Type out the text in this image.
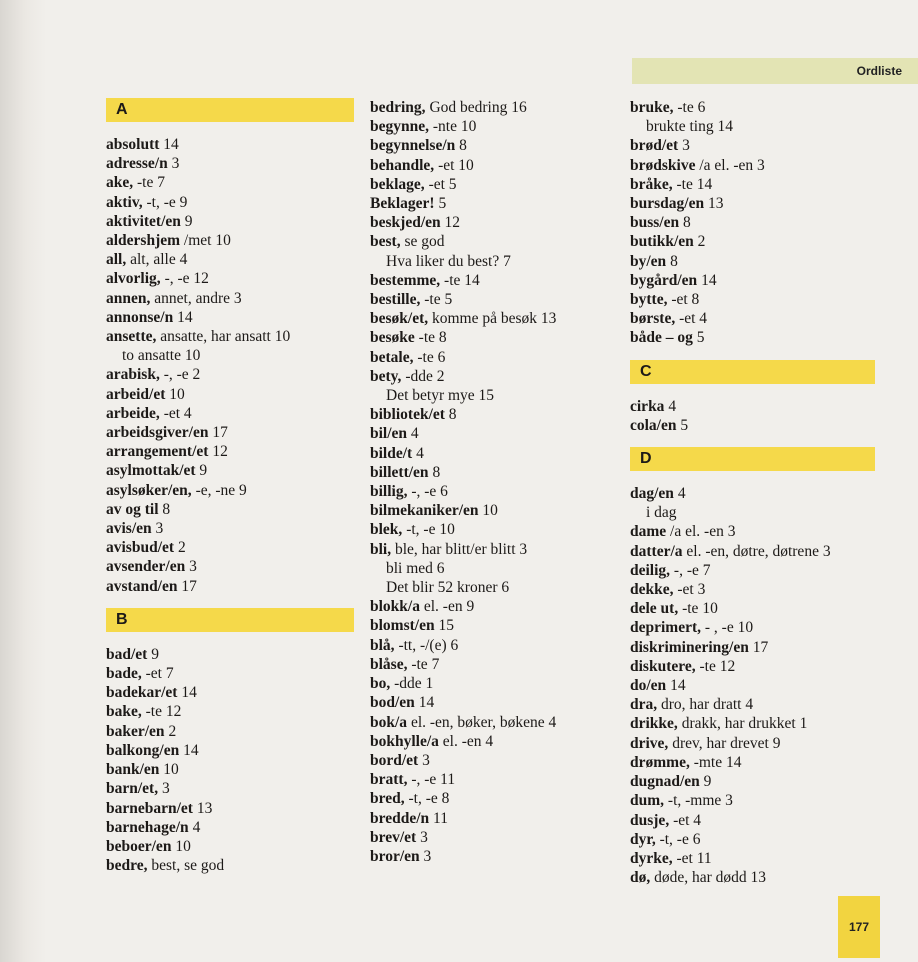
Ordliste
A
absolutt 14
adresse/n 3
ake, -te 7
aktiv, -t, -e 9
aktivitet/en 9
aldershjem /met 10
all, alt, alle 4
alvorlig, -, -e 12
annen, annet, andre 3
annonse/n 14
ansette, ansatte, har ansatt 10
to ansatte 10
arabisk, -, -e 2
arbeid/et 10
arbeide, -et 4
arbeidsgiver/en 17
arrangement/et 12
asylmottak/et 9
asylsøker/en, -e, -ne 9
av og til 8
avis/en 3
avisbud/et 2
avsender/en 3
avstand/en 17
B
bad/et 9
bade, -et 7
badekar/et 14
bake, -te 12
baker/en 2
balkong/en 14
bank/en 10
barn/et, 3
barnebarn/et 13
barnehage/n 4
beboer/en 10
bedre, best, se god
bedring, God bedring 16
begynne, -nte 10
begynnelse/n 8
behandle, -et 10
beklage, -et 5
Beklager! 5
beskjed/en 12
best, se god
Hva liker du best? 7
bestemme, -te 14
bestille, -te 5
besøk/et, komme på besøk 13
besøke -te 8
betale, -te 6
bety, -dde 2
Det betyr mye 15
bibliotek/et 8
bil/en 4
bilde/t 4
billett/en 8
billig, -, -e 6
bilmekaniker/en 10
blek, -t, -e 10
bli, ble, har blitt/er blitt 3
bli med 6
Det blir 52 kroner 6
blokk/a el. -en 9
blomst/en 15
blå, -tt, -/(e) 6
blåse, -te 7
bo, -dde 1
bod/en 14
bok/a el. -en, bøker, bøkene 4
bokhylle/a el. -en 4
bord/et 3
bratt, -, -e 11
bred, -t, -e 8
bredde/n 11
brev/et 3
bror/en 3
bruke, -te 6
brukte ting 14
brød/et 3
brødskive /a el. -en 3
bråke, -te 14
bursdag/en 13
buss/en 8
butikk/en 2
by/en 8
bygård/en 14
bytte, -et 8
børste, -et 4
både – og 5
C
cirka 4
cola/en 5
D
dag/en 4
i dag
dame /a el. -en 3
datter/a el. -en, døtre, døtrene 3
deilig, -, -e 7
dekke, -et 3
dele ut, -te 10
deprimert, - , -e 10
diskriminering/en 17
diskutere, -te 12
do/en 14
dra, dro, har dratt 4
drikke, drakk, har drukket 1
drive, drev, har drevet 9
drømme, -mte 14
dugnad/en 9
dum, -t, -mme 3
dusje, -et 4
dyr, -t, -e 6
dyrke, -et 11
dø, døde, har dødd 13
177
